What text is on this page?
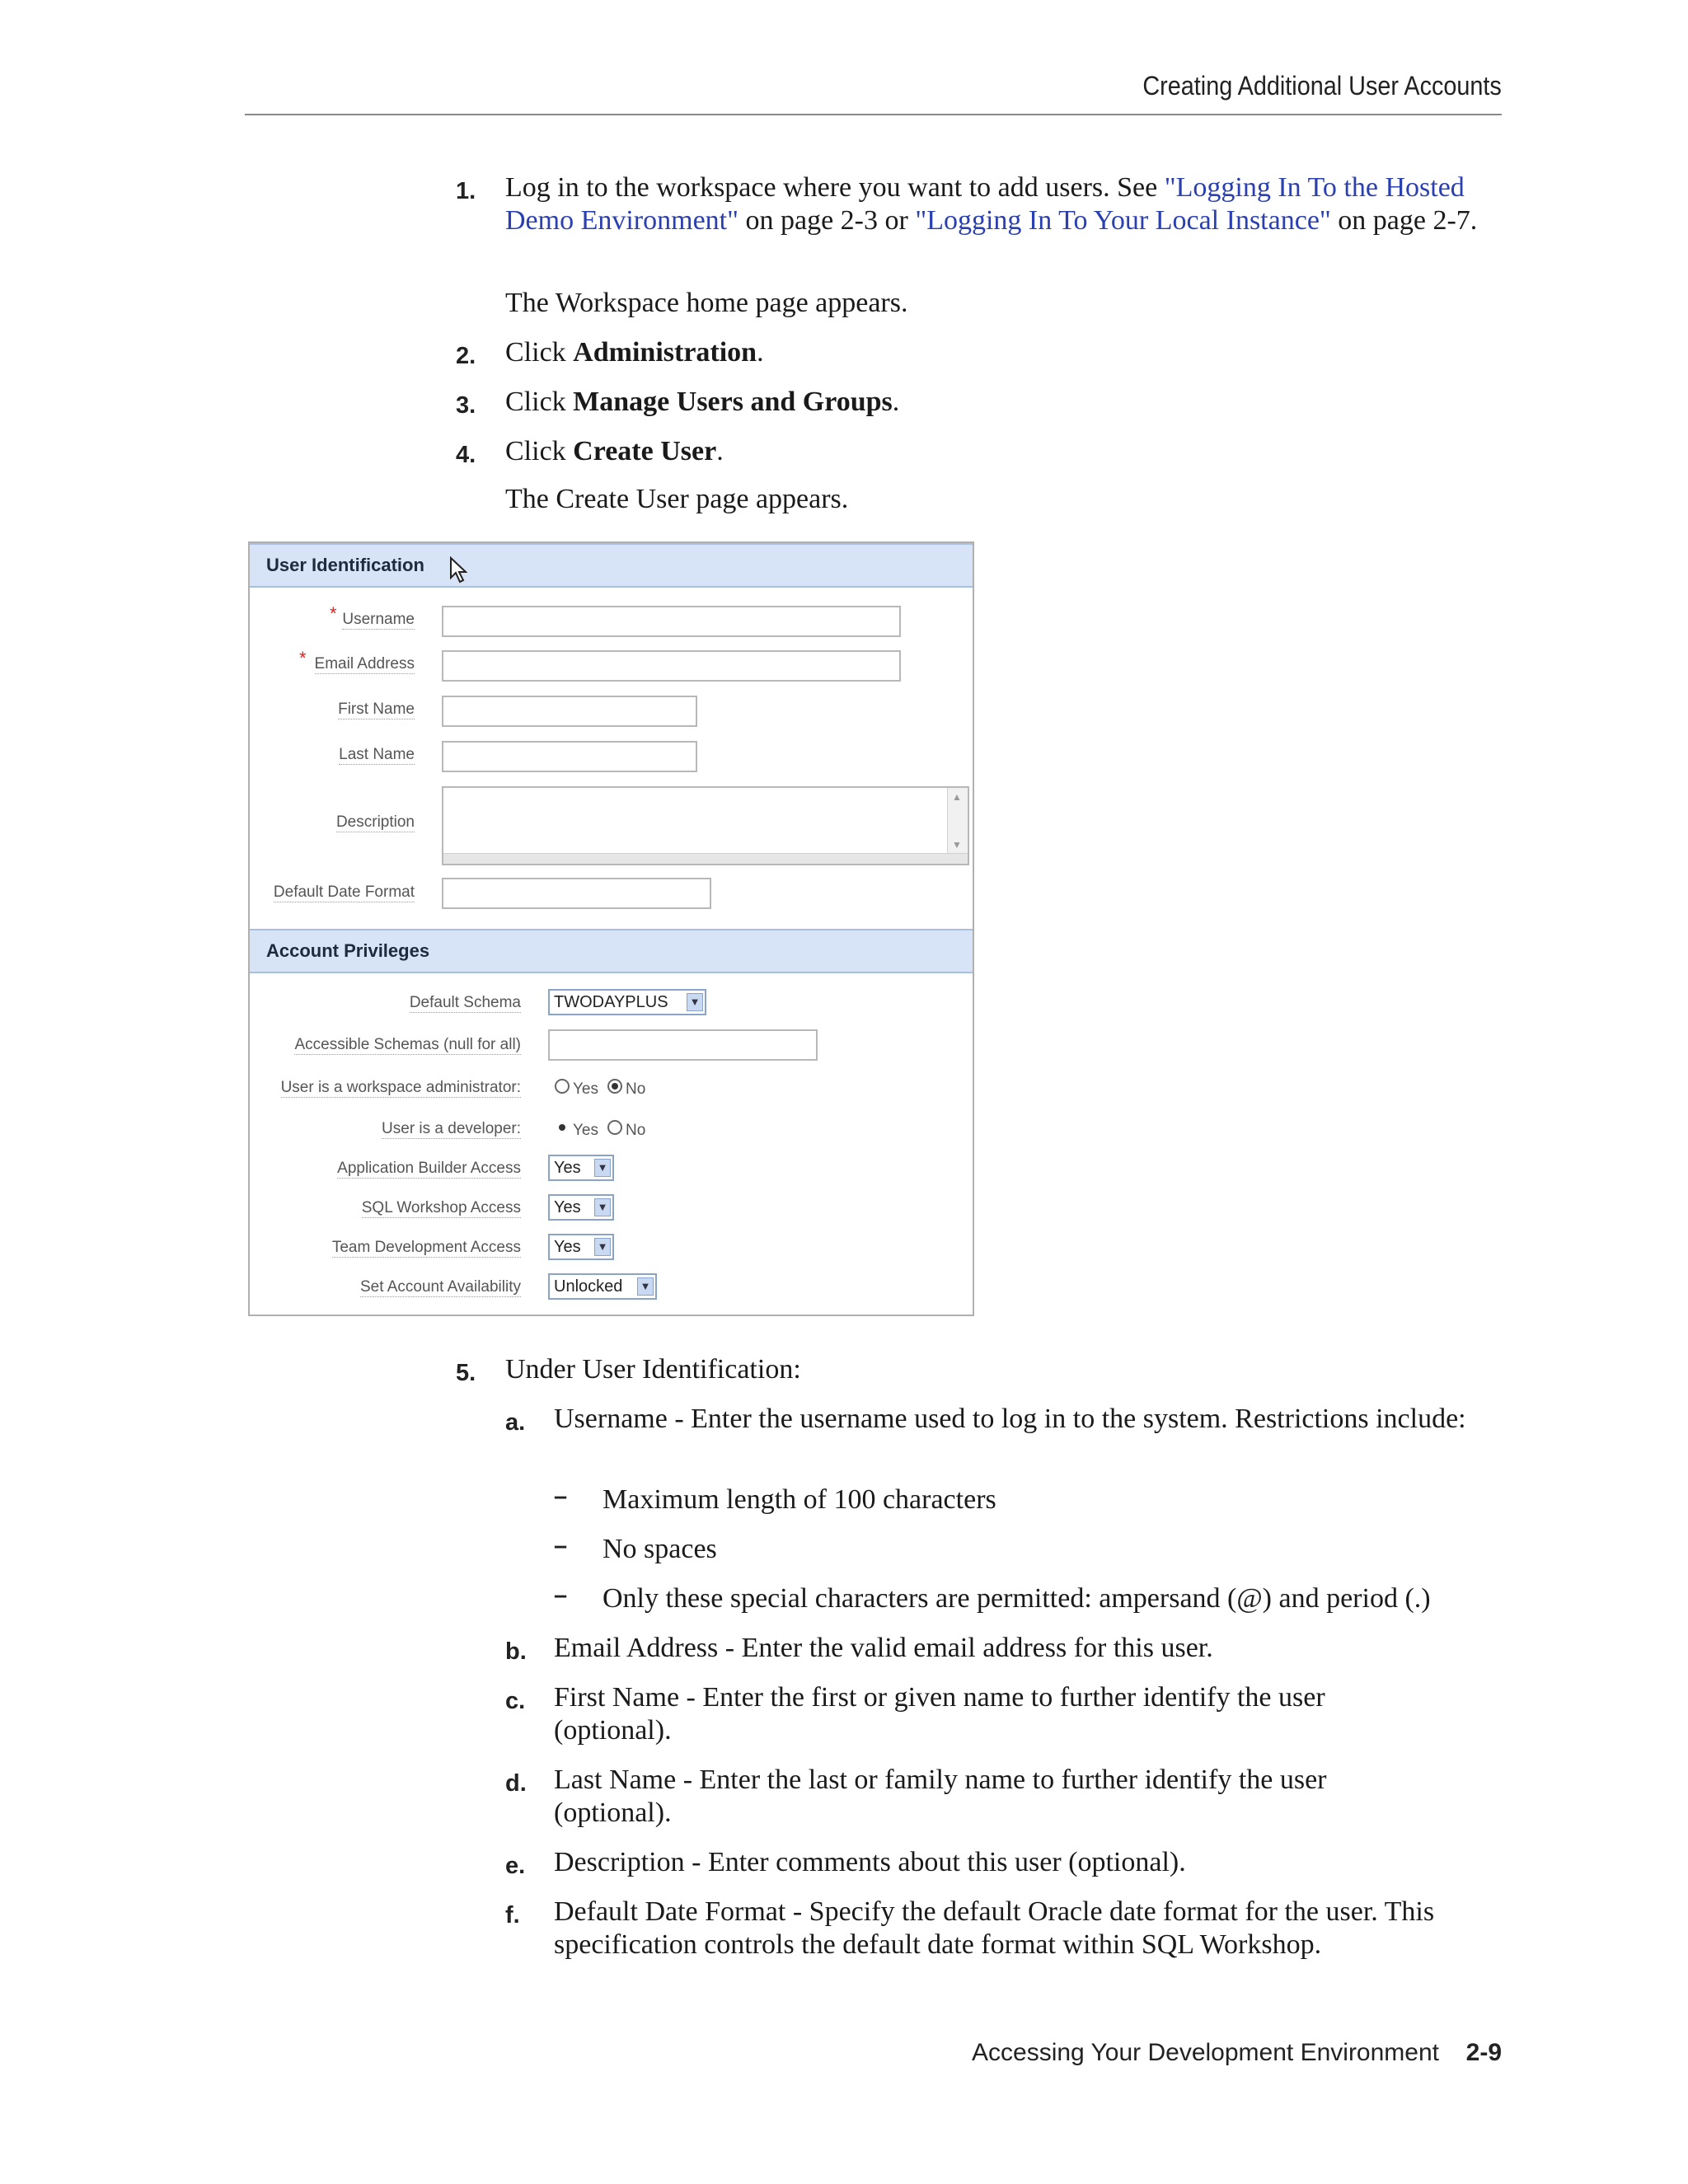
Creating Additional User Accounts
1. Log in to the workspace where you want to add users. See "Logging In To the Hosted Demo Environment" on page 2-3 or "Logging In To Your Local Instance" on page 2-7.
The Workspace home page appears.
2. Click Administration.
3. Click Manage Users and Groups.
4. Click Create User.
The Create User page appears.
User Identification
* Username
* Email Address
First Name
Last Name
Description
▲
▼
Default Date Format
Account Privileges
Default Schema TWODAYPLUS ▼
Accessible Schemas (null for all)
User is a workspace administrator:	Yes No
User is a developer:	Yes No
Application Builder Access Yes ▼
SQL Workshop Access Yes ▼
Team Development Access Yes ▼
Set Account Availability Unlocked ▼
5. Under User Identification:
a. Username - Enter the username used to log in to the system. Restrictions include:
– Maximum length of 100 characters
– No spaces
– Only these special characters are permitted: ampersand (@) and period (.)
b. Email Address - Enter the valid email address for this user.
c. First Name - Enter the first or given name to further identify the user (optional).
d. Last Name - Enter the last or family name to further identify the user (optional).
e. Description - Enter comments about this user (optional).
f. Default Date Format - Specify the default Oracle date format for the user. This specification controls the default date format within SQL Workshop.
Accessing Your Development Environment 2-9
